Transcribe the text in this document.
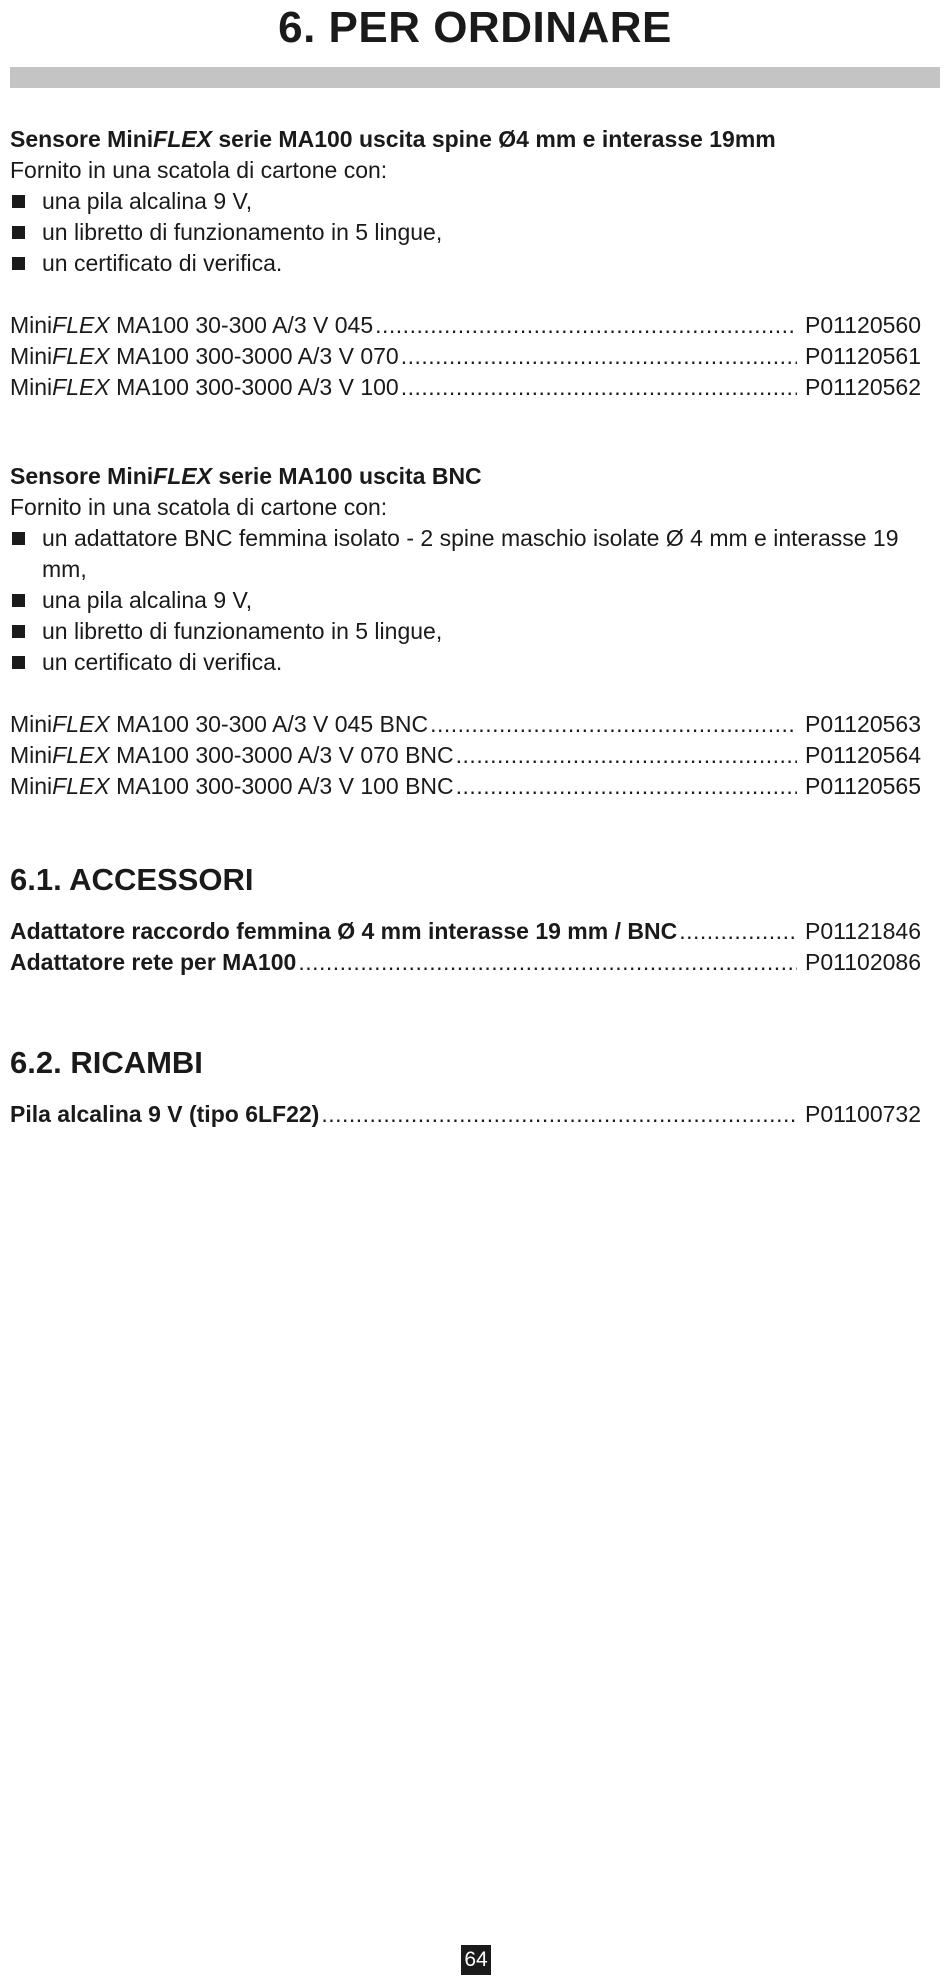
6. PER ORDINARE
Sensore MiniFLEX serie MA100 uscita spine Ø4 mm e interasse 19mm
Fornito in una scatola di cartone con:
una pila alcalina 9 V,
un libretto di funzionamento in 5 lingue,
un certificato di verifica.
MiniFLEX MA100 30-300 A/3 V 045 .....	P01120560
MiniFLEX MA100 300-3000 A/3 V 070 .....	P01120561
MiniFLEX MA100 300-3000 A/3 V 100 .....	P01120562
Sensore MiniFLEX serie MA100 uscita BNC
Fornito in una scatola di cartone con:
un adattatore BNC femmina isolato - 2 spine maschio isolate Ø 4 mm e interasse 19 mm,
una pila alcalina 9 V,
un libretto di funzionamento in 5 lingue,
un certificato di verifica.
MiniFLEX MA100 30-300 A/3 V 045 BNC .....	P01120563
MiniFLEX MA100 300-3000 A/3 V 070 BNC .....	P01120564
MiniFLEX MA100 300-3000 A/3 V 100 BNC .....	P01120565
6.1. ACCESSORI
Adattatore raccordo femmina Ø 4 mm interasse 19 mm / BNC .....	P01121846
Adattatore rete per MA100 .....	P01102086
6.2. RICAMBI
Pila alcalina 9 V (tipo 6LF22) .....	P01100732
64
